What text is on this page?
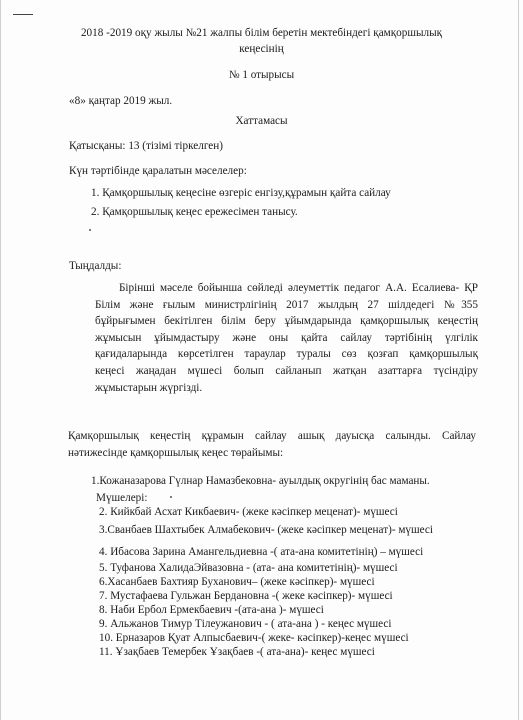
2018 -2019 оқу жылы №21 жалпы білім беретін мектебіндегі қамқоршылық
кеңесінің
№ 1 отырысы
«8» қаңтар 2019 жыл.
Хаттамасы
Қатысқаны: 13 (тізімі тіркелген)
Күн тәртібінде қаралатын мәселелер:
1. Қамқоршылық кеңесіне өзгеріс енгізу,құрамын қайта сайлау
2. Қамқоршылық кеңес ережесімен танысу.
Тыңдалды:
Бірінші мәселе бойынша сөйледі әлеуметтік педагог А.А. Есалиева- ҚР
Білім және ғылым министрлігінің 2017 жылдың 27 шілдедегі №355
бұйрығымен бекітілген білім беру ұйымдарында қамқоршылық кеңестің
жұмысын ұйымдастыру және оны қайта сайлау тәртібінің үлгілік
қағидаларында көрсетілген тараулар туралы сөз қозғап қамқоршылық
кеңесі жаңадан мүшесі болып сайланып жатқан азаттарға түсіндіру
жұмыстарын жүргізді.
Қамқоршылық кеңестің құрамын сайлау ашық дауысқа салынды. Сайлау
нәтижесінде қамқоршылық кеңес төрайымы:
1.Кожаназарова Гүлнар Намазбековна- ауылдық округінің бас маманы.
Мүшелері:
2. Кийкбай Асхат Кикбаевич- (жеке кәсіпкер меценат)- мүшесі
3.Сванбаев Шахтыбек Алмабекович- (жеке кәсіпкер меценат)- мүшесі
4. Ибасова Зарина Амангельдиевна -( ата-ана комитетінің) – мүшесі
5. Туфанова ХалидаЭйвазовна - (ата- ана комитетінің)- мүшесі
6.Хасанбаев Бахтияр Буханович– (жеке кәсіпкер)- мүшесі
7. Мустафаева Гульжан Бердановна -( жеке кәсіпкер)- мүшесі
8. Наби Ербол Ермекбаевич -(ата-ана )- мүшесі
9. Альжанов Тимур Тілеужанович - ( ата-ана ) - кеңес мүшесі
10. Ерназаров Қуат Алпысбаевич-( жеке- кәсіпкер)-кеңес мүшесі
11. Ұзақбаев Темербек Ұзақбаев -( ата-ана)- кеңес мүшесі
